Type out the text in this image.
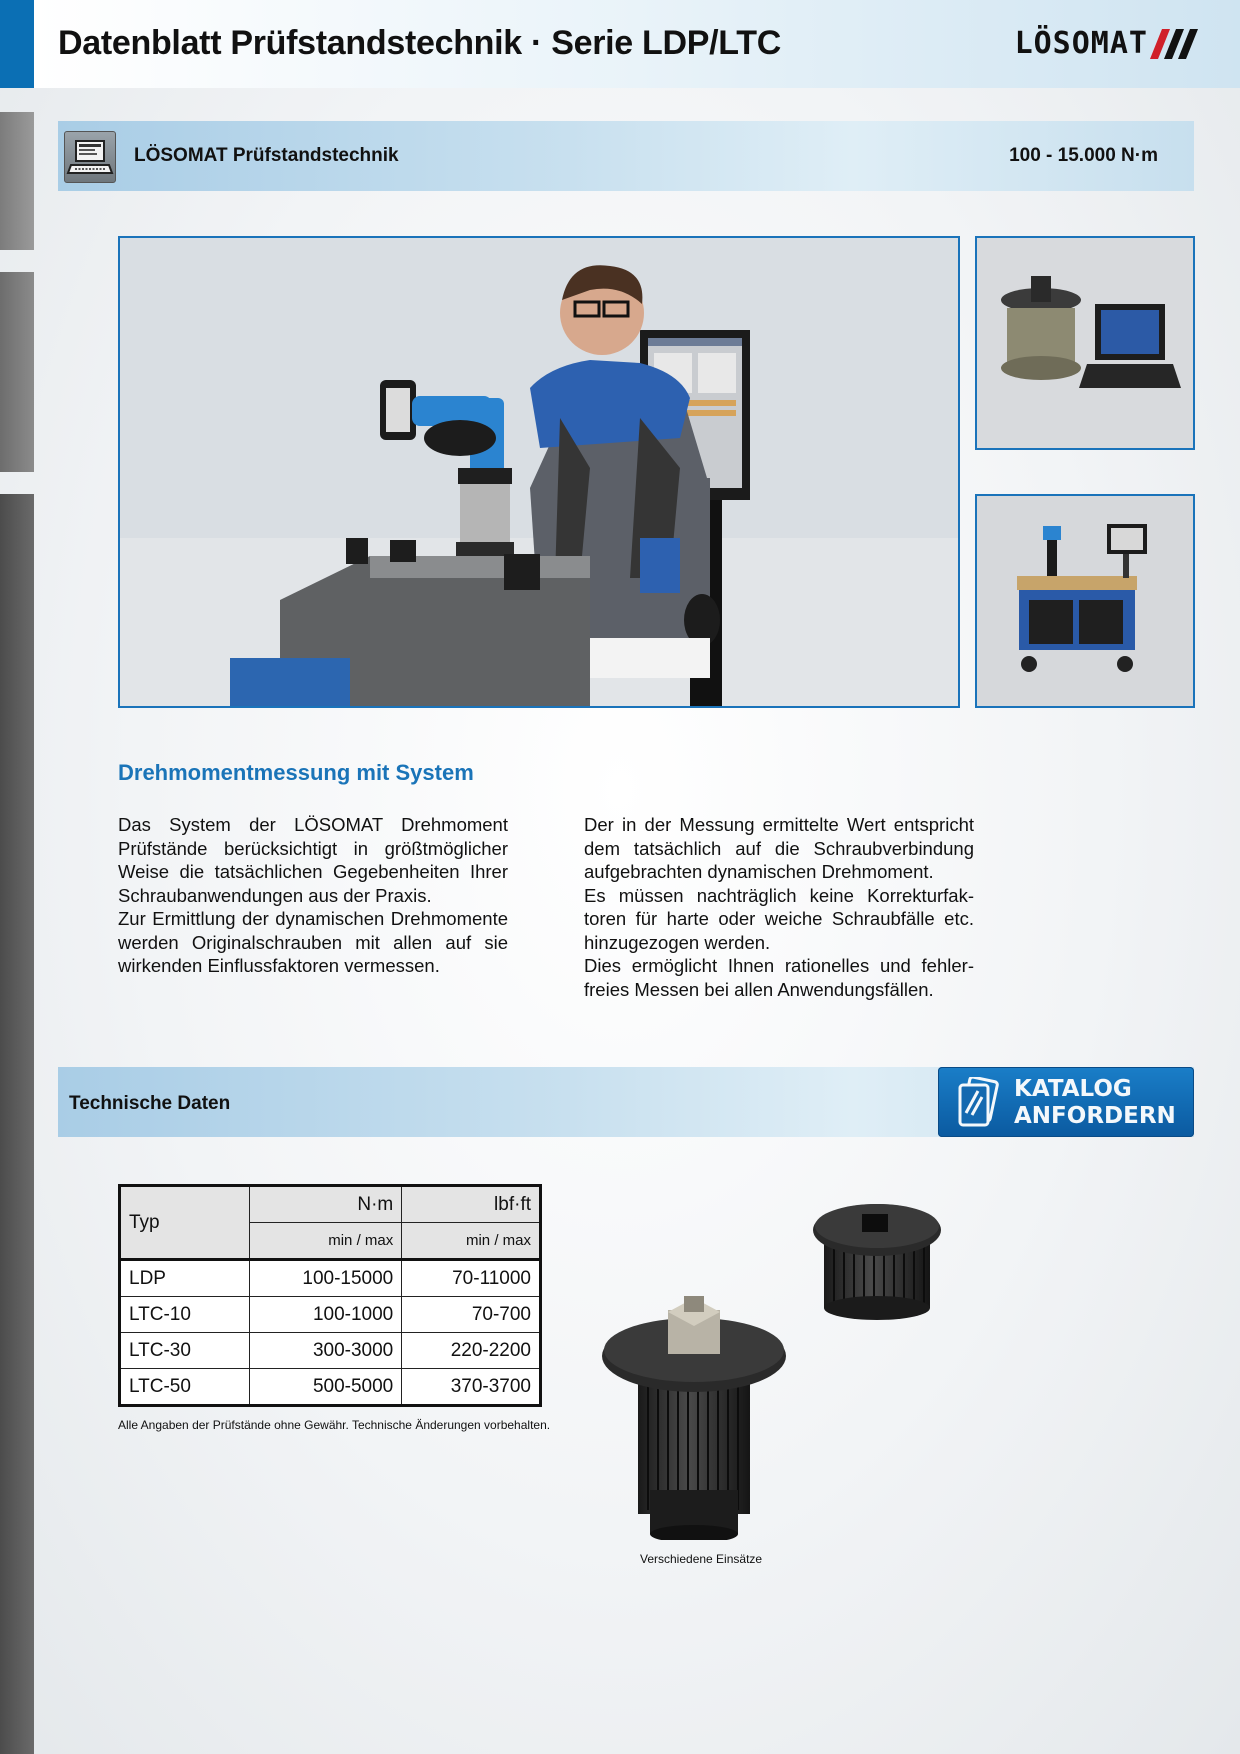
Datenblatt Prüfstandstechnik · Serie LDP/LTC	LÖSOMAT
LÖSOMAT Prüfstandstechnik	100 - 15.000 N·m
Drehmomentmessung mit System

Das System der LÖSOMAT Drehmoment Prüfstände berücksichtigt in größtmöglicher Weise die tatsächlichen Gegebenheiten Ihrer Schraubanwendungen aus der Praxis.

Zur Ermittlung der dynamischen Drehmomente werden Originalschrauben mit allen auf sie wirkenden Einflussfaktoren vermessen.

Der in der Messung ermittelte Wert entspricht dem tatsächlich auf die Schraubverbindung aufgebrachten dynamischen Drehmoment.

Es müssen nachträglich keine Korrekturfaktoren für harte oder weiche Schraubfälle etc. hinzugezogen werden.

Dies ermöglicht Ihnen rationelles und fehlerfreies Messen bei allen Anwendungsfällen.

Technische Daten
KATALOG
ANFORDERN
Typ	N·m	lbf·ft
	min / max	min / max
LDP	100-15000	70-11000
LTC-10	100-1000	70-700
LTC-30	300-3000	220-2200
LTC-50	500-5000	370-3700
Alle Angaben der Prüfstände ohne Gewähr. Technische Änderungen vorbehalten.
Verschiedene Einsätze
